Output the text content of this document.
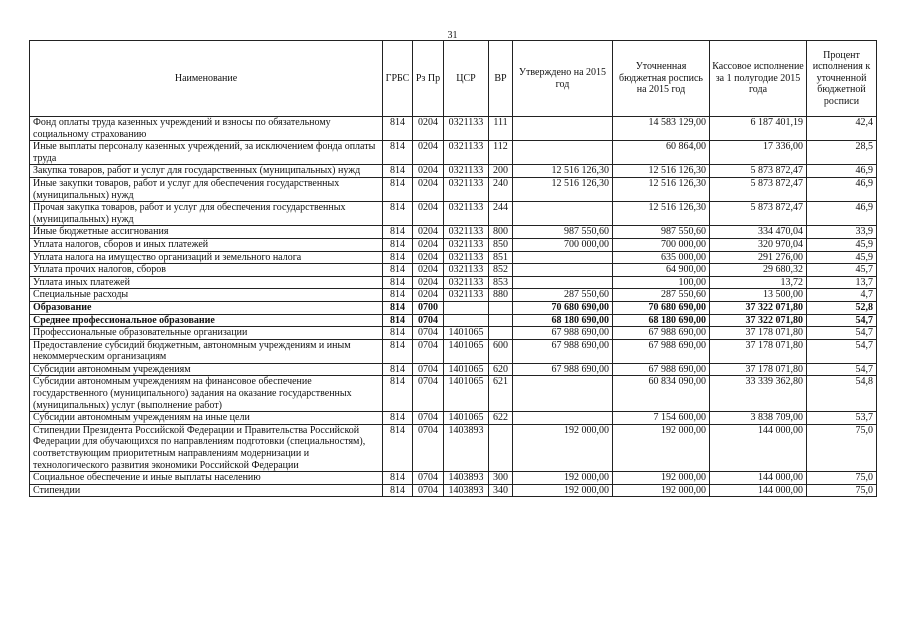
31
Наименование	ГРБС	Рз Пр	ЦСР	ВР	Утверждено на 2015 год	Уточненная бюджетная роспись на 2015 год	Кассовое исполнение за 1 полугодие 2015 года	Процент исполнения к уточненной бюджетной росписи
Фонд оплаты труда казенных учреждений и взносы по обязательному социальному страхованию	814	0204	0321133	111		14 583 129,00	6 187 401,19	42,4
Иные выплаты персоналу казенных учреждений, за исключением фонда оплаты труда	814	0204	0321133	112		60 864,00	17 336,00	28,5
Закупка товаров, работ и услуг для государственных (муниципальных) нужд	814	0204	0321133	200	12 516 126,30	12 516 126,30	5 873 872,47	46,9
Иные закупки товаров, работ и услуг для обеспечения государственных (муниципальных) нужд	814	0204	0321133	240	12 516 126,30	12 516 126,30	5 873 872,47	46,9
Прочая закупка товаров, работ и услуг для обеспечения государственных (муниципальных) нужд	814	0204	0321133	244		12 516 126,30	5 873 872,47	46,9
Иные бюджетные ассигнования	814	0204	0321133	800	987 550,60	987 550,60	334 470,04	33,9
Уплата налогов, сборов и иных платежей	814	0204	0321133	850	700 000,00	700 000,00	320 970,04	45,9
Уплата налога на имущество организаций и земельного налога	814	0204	0321133	851		635 000,00	291 276,00	45,9
Уплата прочих налогов, сборов	814	0204	0321133	852		64 900,00	29 680,32	45,7
Уплата иных платежей	814	0204	0321133	853		100,00	13,72	13,7
Специальные расходы	814	0204	0321133	880	287 550,60	287 550,60	13 500,00	4,7
Образование	814	0700			70 680 690,00	70 680 690,00	37 322 071,80	52,8
Среднее профессиональное образование	814	0704			68 180 690,00	68 180 690,00	37 322 071,80	54,7
Профессиональные образовательные организации	814	0704	1401065		67 988 690,00	67 988 690,00	37 178 071,80	54,7
Предоставление субсидий бюджетным, автономным учреждениям и иным некоммерческим организациям	814	0704	1401065	600	67 988 690,00	67 988 690,00	37 178 071,80	54,7
Субсидии автономным учреждениям	814	0704	1401065	620	67 988 690,00	67 988 690,00	37 178 071,80	54,7
Субсидии автономным учреждениям на финансовое обеспечение государственного (муниципального) задания на оказание государственных (муниципальных) услуг (выполнение работ)	814	0704	1401065	621		60 834 090,00	33 339 362,80	54,8
Субсидии автономным учреждениям на иные цели	814	0704	1401065	622		7 154 600,00	3 838 709,00	53,7
Стипендии Президента Российской Федерации и Правительства Российской Федерации для обучающихся по направлениям подготовки (специальностям), соответствующим приоритетным направлениям модернизации и технологического развития экономики Российской Федерации	814	0704	1403893		192 000,00	192 000,00	144 000,00	75,0
Социальное обеспечение и иные выплаты населению	814	0704	1403893	300	192 000,00	192 000,00	144 000,00	75,0
Стипендии	814	0704	1403893	340	192 000,00	192 000,00	144 000,00	75,0
